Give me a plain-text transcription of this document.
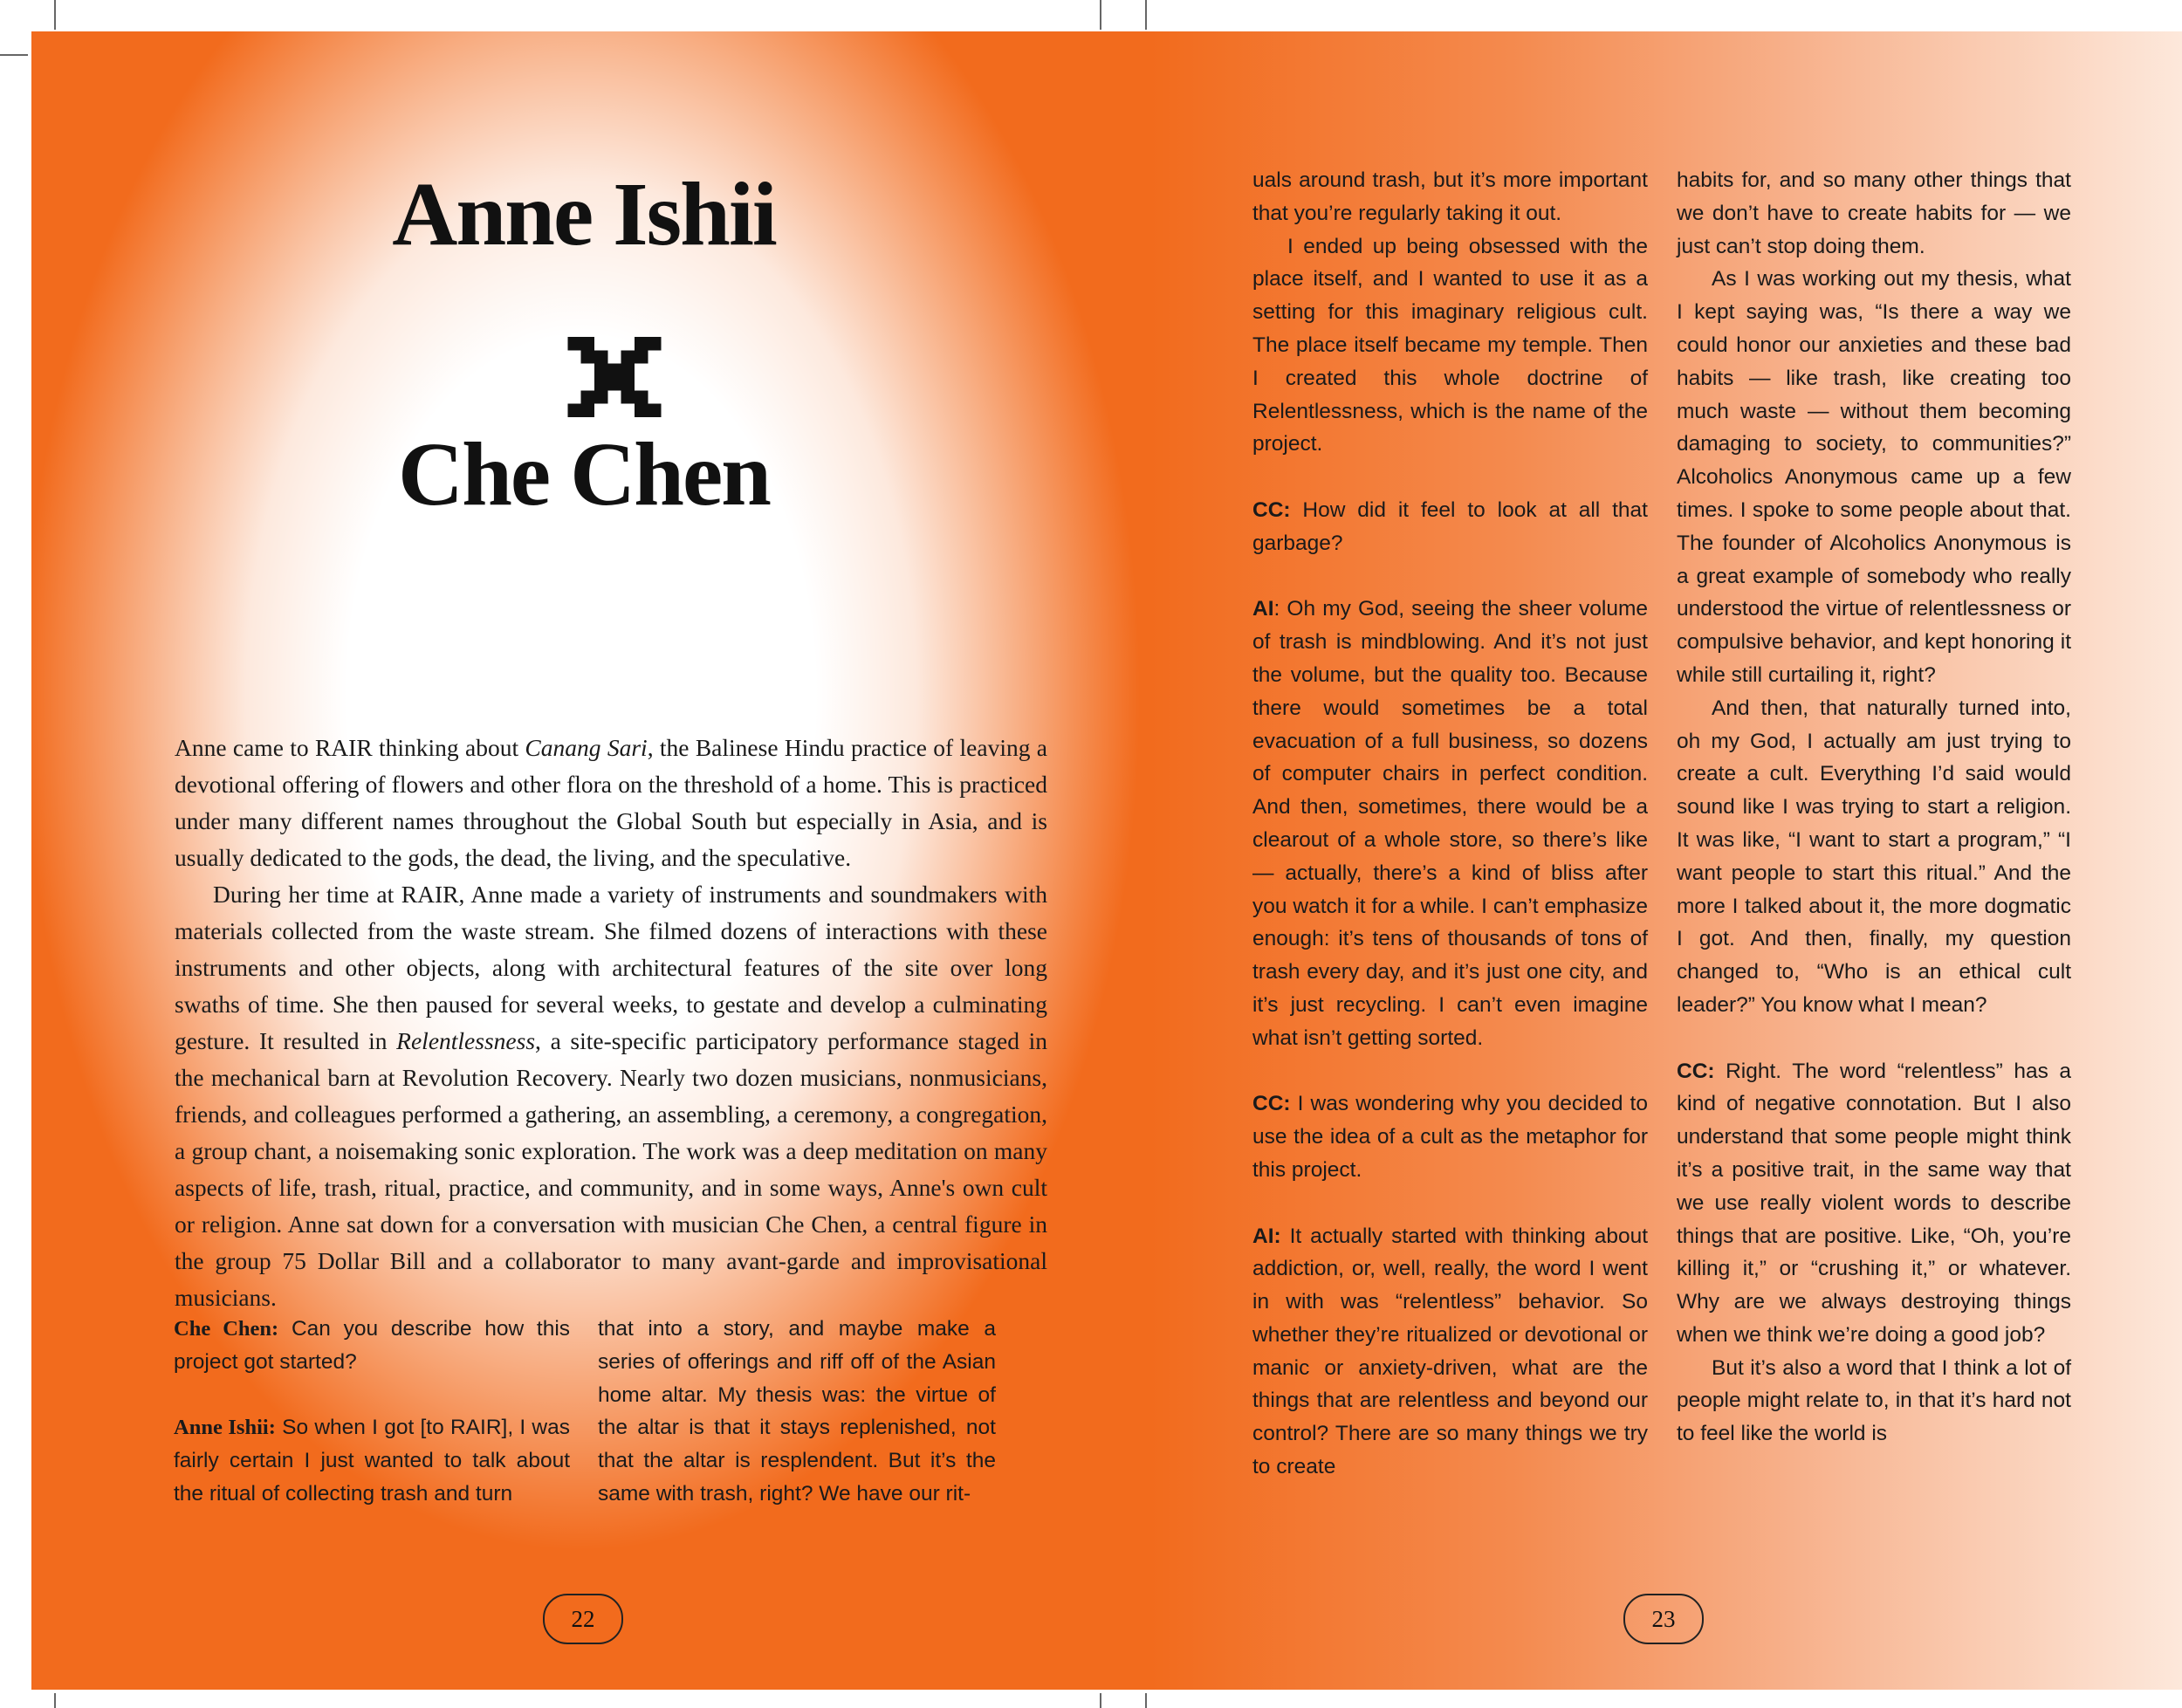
Anne Ishii
Che Chen

Anne came to RAIR thinking about Canang Sari, the Balinese Hindu practice of leaving a devotional offering of flowers and other flora on the threshold of a home. This is practiced under many different names throughout the Global South but especially in Asia, and is usually dedicated to the gods, the dead, the living, and the speculative.

During her time at RAIR, Anne made a variety of instruments and soundmakers with materials collected from the waste stream. She filmed dozens of interactions with these instruments and other objects, along with architectural features of the site over long swaths of time. She then paused for several weeks, to gestate and develop a culminating gesture. It resulted in Relentlessness, a site-specific participatory performance staged in the mechanical barn at Revolution Recovery. Nearly two dozen musicians, nonmusicians, friends, and colleagues performed a gathering, an assembling, a ceremony, a congregation, a group chant, a noisemaking sonic exploration. The work was a deep meditation on many aspects of life, trash, ritual, practice, and community, and in some ways, Anne's own cult or religion. Anne sat down for a conversation with musician Che Chen, a central figure in the group 75 Dollar Bill and a collaborator to many avant-garde and improvisational musicians.

Che Chen: Can you describe how this project got started?

Anne Ishii: So when I got [to RAIR], I was fairly certain I just wanted to talk about the ritual of collecting trash and turn

that into a story, and maybe make a series of offerings and riff off of the Asian home altar. My thesis was: the virtue of the altar is that it stays replenished, not that the altar is resplendent. But it’s the same with trash, right? We have our rit-

22

uals around trash, but it’s more important that you’re regularly taking it out.

I ended up being obsessed with the place itself, and I wanted to use it as a setting for this imaginary religious cult. The place itself became my temple. Then I created this whole doctrine of Relentlessness, which is the name of the project.

CC: How did it feel to look at all that garbage?

AI: Oh my God, seeing the sheer volume of trash is mindblowing. And it’s not just the volume, but the quality too. Because there would sometimes be a total evacuation of a full business, so dozens of computer chairs in perfect condition. And then, sometimes, there would be a clearout of a whole store, so there’s like — actually, there’s a kind of bliss after you watch it for a while. I can’t emphasize enough: it’s tens of thousands of tons of trash every day, and it’s just one city, and it’s just recycling. I can’t even imagine what isn’t getting sorted.

CC: I was wondering why you decided to use the idea of a cult as the metaphor for this project.

AI: It actually started with thinking about addiction, or, well, really, the word I went in with was “relentless” behavior. So whether they’re ritualized or devotional or manic or anxiety-driven, what are the things that are relentless and beyond our control? There are so many things we try to create

habits for, and so many other things that we don’t have to create habits for — we just can’t stop doing them.

As I was working out my thesis, what I kept saying was, “Is there a way we could honor our anxieties and these bad habits — like trash, like creating too much waste — without them becoming damaging to society, to communities?” Alcoholics Anonymous came up a few times. I spoke to some people about that. The founder of Alcoholics Anonymous is a great example of somebody who really understood the virtue of relentlessness or compulsive behavior, and kept honoring it while still curtailing it, right?

And then, that naturally turned into, oh my God, I actually am just trying to create a cult. Everything I’d said would sound like I was trying to start a religion. It was like, “I want to start a program,” “I want people to start this ritual.” And the more I talked about it, the more dogmatic I got. And then, finally, my question changed to, “Who is an ethical cult leader?” You know what I mean?

CC: Right. The word “relentless” has a kind of negative connotation. But I also understand that some people might think it’s a positive trait, in the same way that we use really violent words to describe things that are positive. Like, “Oh, you’re killing it,” or “crushing it,” or whatever. Why are we always destroying things when we think we’re doing a good job?

But it’s also a word that I think a lot of people might relate to, in that it’s hard not to feel like the world is

23
